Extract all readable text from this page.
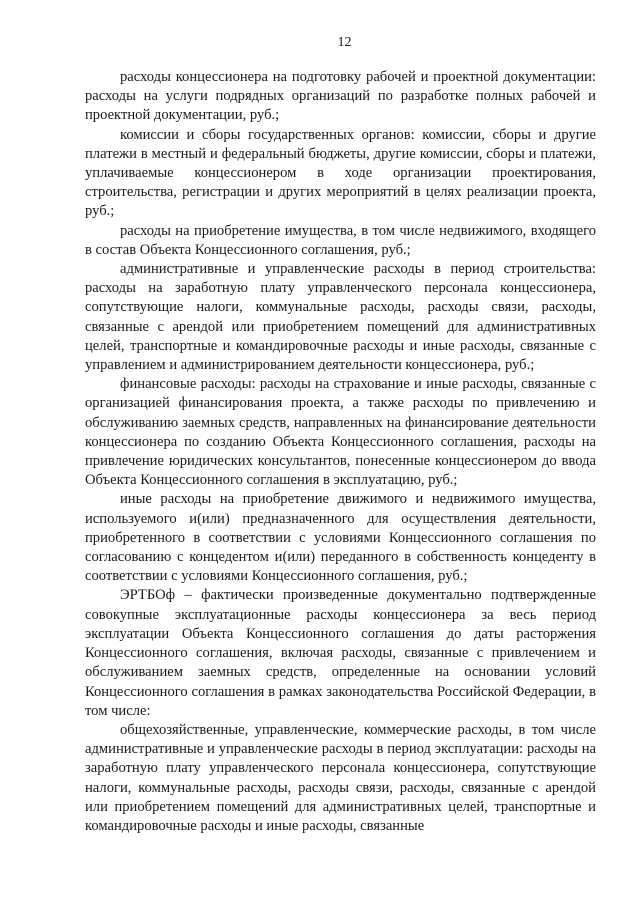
12

расходы концессионера на подготовку рабочей и проектной документации: расходы на услуги подрядных организаций по разработке полных рабочей и проектной документации, руб.;

комиссии и сборы государственных органов: комиссии, сборы и другие платежи в местный и федеральный бюджеты, другие комиссии, сборы и платежи, уплачиваемые концессионером в ходе организации проектирования, строительства, регистрации и других мероприятий в целях реализации проекта, руб.;

расходы на приобретение имущества, в том числе недвижимого, входящего в состав Объекта Концессионного соглашения, руб.;

административные и управленческие расходы в период строительства: расходы на заработную плату управленческого персонала концессионера, сопутствующие налоги, коммунальные расходы, расходы связи, расходы, связанные с арендой или приобретением помещений для административных целей, транспортные и командировочные расходы и иные расходы, связанные с управлением и администрированием деятельности концессионера, руб.;

финансовые расходы: расходы на страхование и иные расходы, связанные с организацией финансирования проекта, а также расходы по привлечению и обслуживанию заемных средств, направленных на финансирование деятельности концессионера по созданию Объекта Концессионного соглашения, расходы на привлечение юридических консультантов, понесенные концессионером до ввода Объекта Концессионного соглашения в эксплуатацию, руб.;

иные расходы на приобретение движимого и недвижимого имущества, используемого и(или) предназначенного для осуществления деятельности, приобретенного в соответствии с условиями Концессионного соглашения по согласованию с концедентом и(или) переданного в собственность концеденту в соответствии с условиями Концессионного соглашения, руб.;

ЭРТБОф – фактически произведенные документально подтвержденные совокупные эксплуатационные расходы концессионера за весь период эксплуатации Объекта Концессионного соглашения до даты расторжения Концессионного соглашения, включая расходы, связанные с привлечением и обслуживанием заемных средств, определенные на основании условий Концессионного соглашения в рамках законодательства Российской Федерации, в том числе:

общехозяйственные, управленческие, коммерческие расходы, в том числе административные и управленческие расходы в период эксплуатации: расходы на заработную плату управленческого персонала концессионера, сопутствующие налоги, коммунальные расходы, расходы связи, расходы, связанные с арендой или приобретением помещений для административных целей, транспортные и командировочные расходы и иные расходы, связанные
